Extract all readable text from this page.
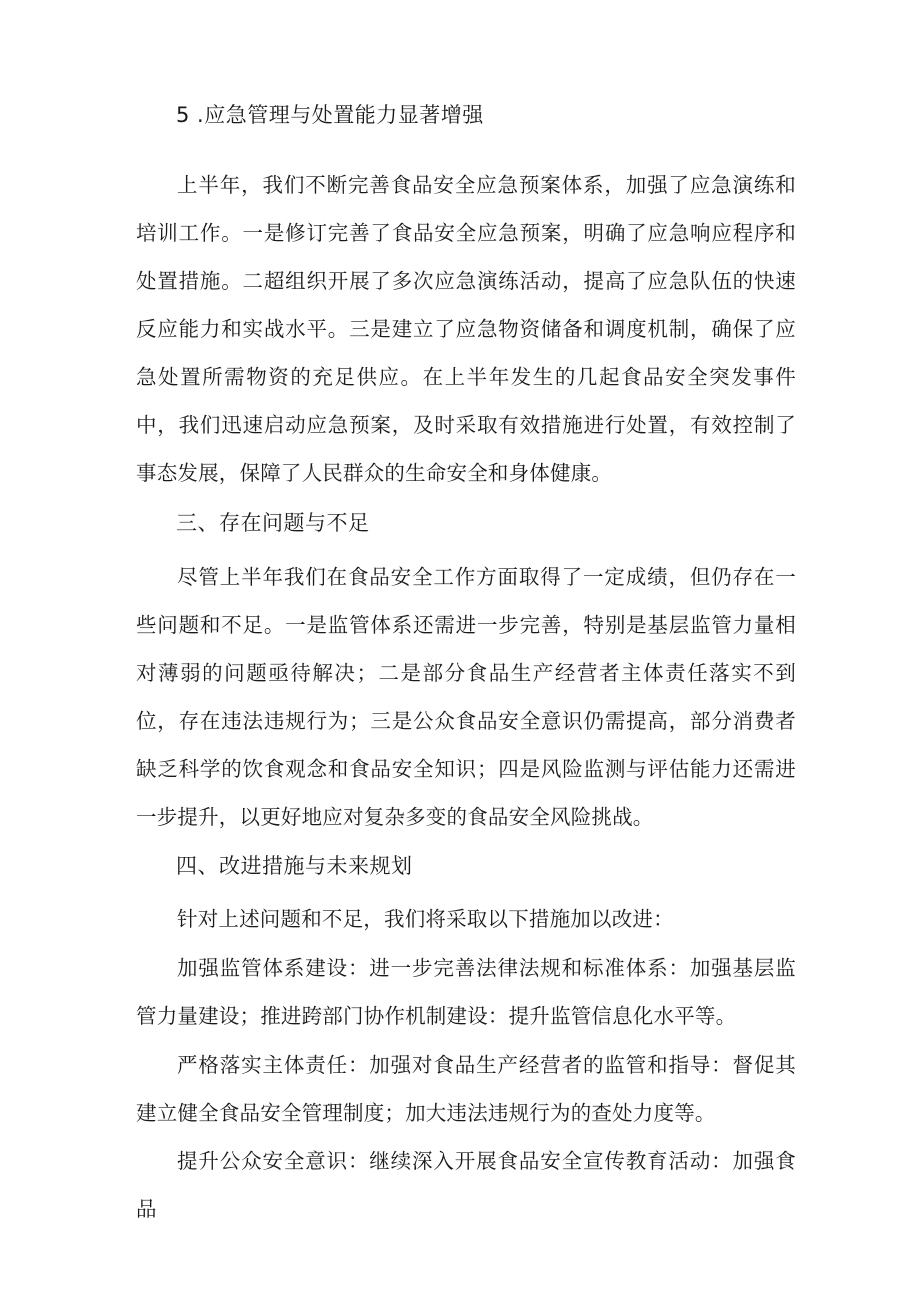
5 .应急管理与处置能力显著增强

上半年，我们不断完善食品安全应急预案体系，加强了应急演练和培训工作。一是修订完善了食品安全应急预案，明确了应急响应程序和处置措施。二超组织开展了多次应急演练活动，提高了应急队伍的快速反应能力和实战水平。三是建立了应急物资储备和调度机制，确保了应急处置所需物资的充足供应。在上半年发生的几起食品安全突发事件中，我们迅速启动应急预案，及时采取有效措施进行处置，有效控制了事态发展，保障了人民群众的生命安全和身体健康。

三、存在问题与不足

尽管上半年我们在食品安全工作方面取得了一定成绩，但仍存在一些问题和不足。一是监管体系还需进一步完善，特别是基层监管力量相对薄弱的问题亟待解决；二是部分食品生产经营者主体责任落实不到位，存在违法违规行为；三是公众食品安全意识仍需提高，部分消费者缺乏科学的饮食观念和食品安全知识；四是风险监测与评估能力还需进一步提升，以更好地应对复杂多变的食品安全风险挑战。

四、改进措施与未来规划

针对上述问题和不足，我们将采取以下措施加以改进：

加强监管体系建设：进一步完善法律法规和标准体系：加强基层监管力量建设；推进跨部门协作机制建设：提升监管信息化水平等。

严格落实主体责任：加强对食品生产经营者的监管和指导：督促其建立健全食品安全管理制度；加大违法违规行为的查处力度等。

提升公众安全意识：继续深入开展食品安全宣传教育活动：加强食品
